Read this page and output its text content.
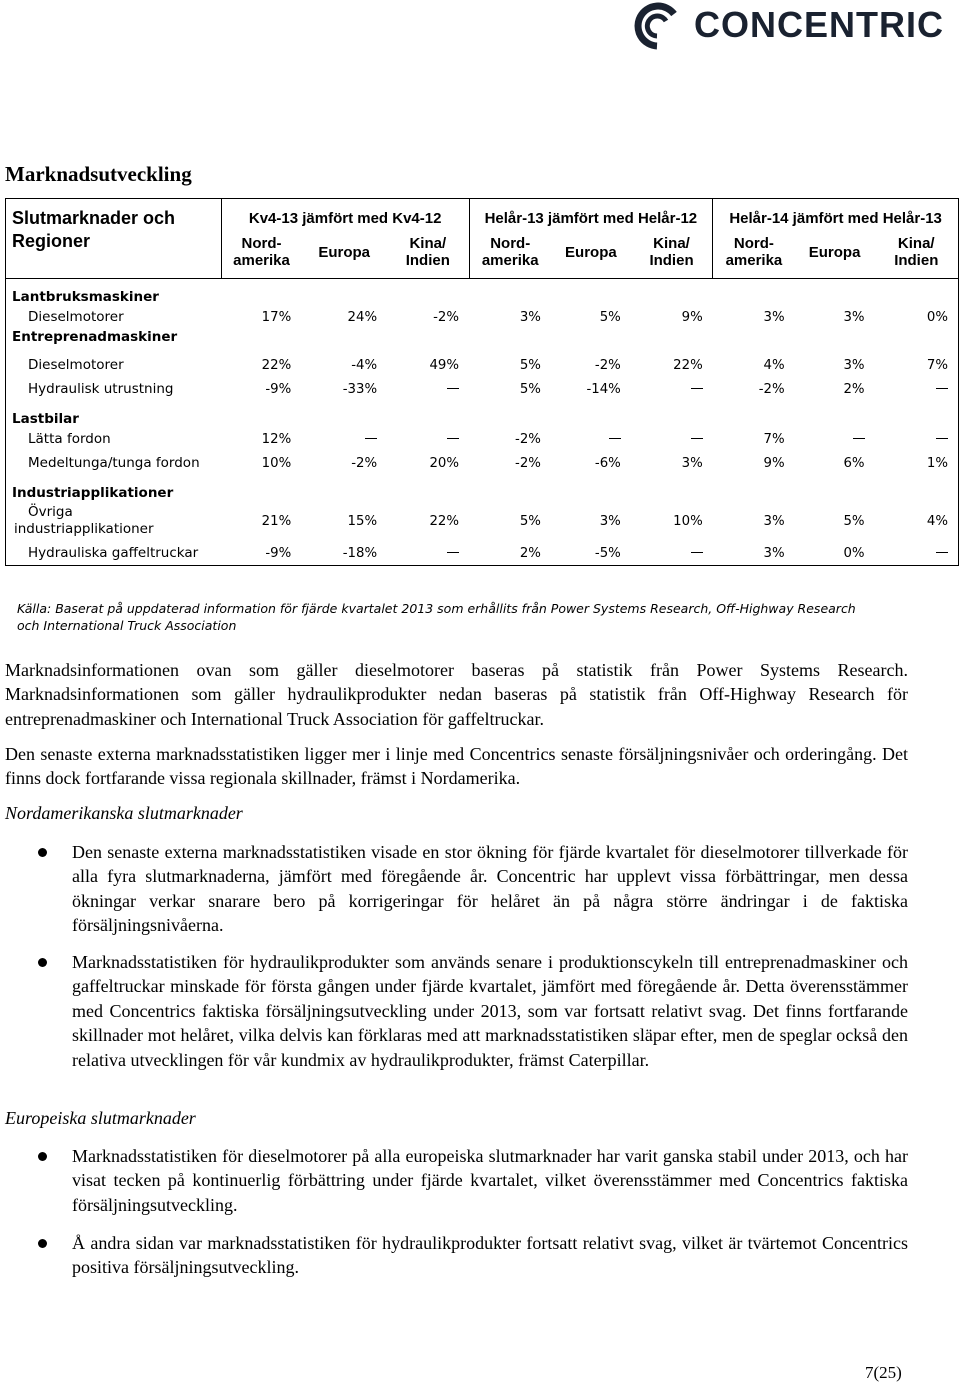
CONCENTRIC
Marknadsutveckling
Slutmarknader och Regioner	Kv4-13 jämfört med Kv4-12			Helår-13 jämfört med Helår-12			Helår-14 jämfört med Helår-13		
	Nord-amerika	Europa	Kina/ Indien	Nord-amerika	Europa	Kina/ Indien	Nord-amerika	Europa	Kina/ Indien
Lantbruksmaskiner									
Dieselmotorer	17%	24%	-2%	3%	5%	9%	3%	3%	0%
Entreprenadmaskiner									
Dieselmotorer	22%	-4%	49%	5%	-2%	22%	4%	3%	7%
Hydraulisk utrustning	-9%	-33%		5%	-14%		-2%	2%	
Lastbilar									
Lätta fordon	12%			-2%			7%		
Medeltunga/tunga fordon	10%	-2%	20%	-2%	-6%	3%	9%	6%	1%
Industriapplikationer									
Övriga
industriapplikationer	21%	15%	22%	5%	3%	10%	3%	5%	4%
Hydrauliska gaffeltruckar	-9%	-18%		2%	-5%		3%	0%	
Källa: Baserat på uppdaterad information för fjärde kvartalet 2013 som erhållits från Power Systems Research, Off-Highway Research och International Truck Association
Marknadsinformationen ovan som gäller dieselmotorer baseras på statistik från Power Systems Research. Marknadsinformationen som gäller hydraulikprodukter nedan baseras på statistik från Off-Highway Research för entreprenadmaskiner och International Truck Association för gaffeltruckar.
Den senaste externa marknadsstatistiken ligger mer i linje med Concentrics senaste försäljningsnivåer och orderingång. Det finns dock fortfarande vissa regionala skillnader, främst i Nordamerika.
Nordamerikanska slutmarknader
Den senaste externa marknadsstatistiken visade en stor ökning för fjärde kvartalet för dieselmotorer tillverkade för alla fyra slutmarknaderna, jämfört med föregående år. Concentric har upplevt vissa förbättringar, men dessa ökningar verkar snarare bero på korrigeringar för helåret än på några större ändringar i de faktiska försäljningsnivåerna.
Marknadsstatistiken för hydraulikprodukter som används senare i produktionscykeln till entreprenadmaskiner och gaffeltruckar minskade för första gången under fjärde kvartalet, jämfört med föregående år. Detta överensstämmer med Concentrics faktiska försäljningsutveckling under 2013, som var fortsatt relativt svag. Det finns fortfarande skillnader mot helåret, vilka delvis kan förklaras med att marknadsstatistiken släpar efter, men de speglar också den relativa utvecklingen för vår kundmix av hydraulikprodukter, främst Caterpillar.
Europeiska slutmarknader
Marknadsstatistiken för dieselmotorer på alla europeiska slutmarknader har varit ganska stabil under 2013, och har visat tecken på kontinuerlig förbättring under fjärde kvartalet, vilket överensstämmer med Concentrics faktiska försäljningsutveckling.
Å andra sidan var marknadsstatistiken för hydraulikprodukter fortsatt relativt svag, vilket är tvärtemot Concentrics positiva försäljningsutveckling.
7(25)
